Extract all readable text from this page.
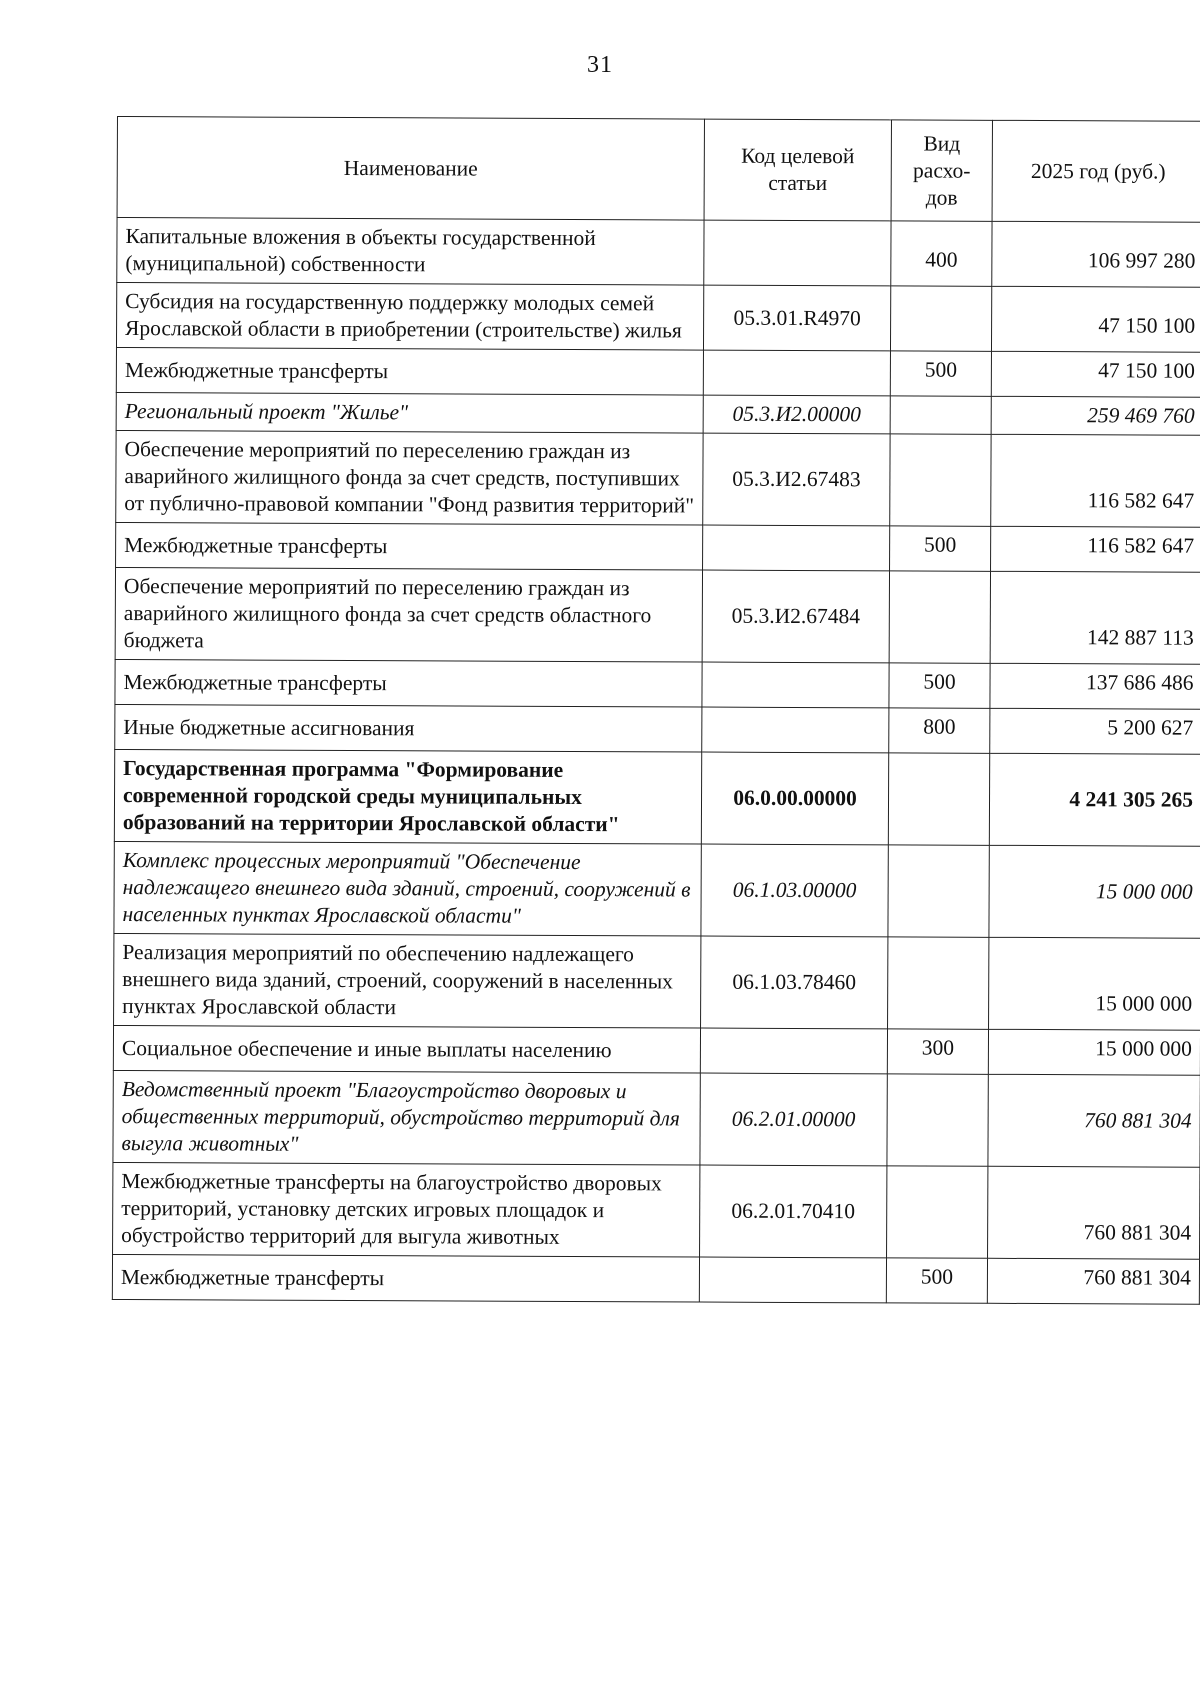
31
Наименование	Код целевой статьи	Вид расхо-дов	2025 год (руб.)
Капитальные вложения в объекты государственной (муниципальной) собственности		400	106 997 280
Субсидия на государственную поддержку молодых семей Ярославской области в приобретении (строительстве) жилья	05.3.01.R4970		47 150 100
Межбюджетные трансферты		500	47 150 100
Региональный проект "Жилье"	05.3.И2.00000		259 469 760
Обеспечение мероприятий по переселению граждан из аварийного жилищного фонда за счет средств, поступивших от публично-правовой компании "Фонд развития территорий"	05.3.И2.67483		116 582 647
Межбюджетные трансферты		500	116 582 647
Обеспечение мероприятий по переселению граждан из аварийного жилищного фонда за счет средств областного бюджета	05.3.И2.67484		142 887 113
Межбюджетные трансферты		500	137 686 486
Иные бюджетные ассигнования		800	5 200 627
Государственная программа "Формирование современной городской среды муниципальных образований на территории Ярославской области"	06.0.00.00000		4 241 305 265
Комплекс процессных мероприятий "Обеспечение надлежащего внешнего вида зданий, строений, сооружений в населенных пунктах Ярославской области"	06.1.03.00000		15 000 000
Реализация мероприятий по обеспечению надлежащего внешнего вида зданий, строений, сооружений в населенных пунктах Ярославской области	06.1.03.78460		15 000 000
Социальное обеспечение и иные выплаты населению		300	15 000 000
Ведомственный проект "Благоустройство дворовых и общественных территорий, обустройство территорий для выгула животных"	06.2.01.00000		760 881 304
Межбюджетные трансферты на благоустройство дворовых территорий, установку детских игровых площадок и обустройство территорий для выгула животных	06.2.01.70410		760 881 304
Межбюджетные трансферты		500	760 881 304
